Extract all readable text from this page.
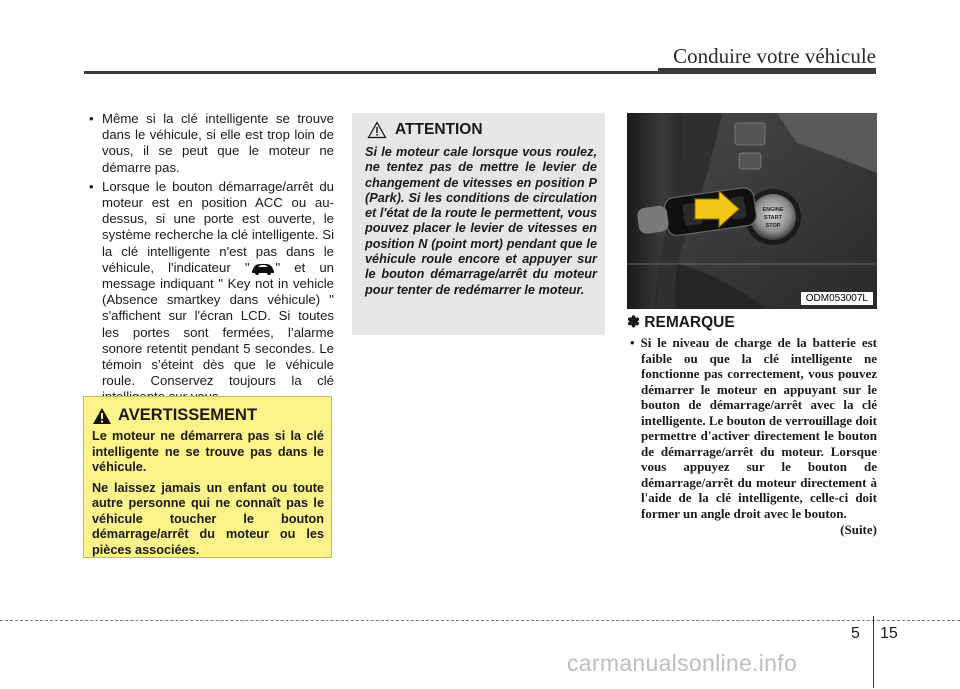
Conduire votre véhicule
• Même si la clé intelligente se trouve dans le véhicule, si elle est trop loin de vous, il se peut que le moteur ne démarre pas.
• Lorsque le bouton démarrage/arrêt du moteur est en position ACC ou au-dessus, si une porte est ouverte, le système recherche la clé intelligente. Si la clé intelligente n'est pas dans le véhicule, l'indicateur " " et un message indiquant " Key not in vehicle (Absence smartkey dans véhicule) " s'affichent sur l'écran LCD. Si toutes les portes sont fermées, l’alarme sonore retentit pendant 5 secondes. Le témoin s’éteint dès que le véhicule roule. Conservez toujours la clé
AVERTISSEMENT

Le moteur ne démarrera pas si la clé intelligente ne se trouve pas dans le véhicule.

Ne laissez jamais un enfant ou toute autre personne qui ne connaît pas le véhicule toucher le bouton démarrage/arrêt du moteur ou les pièces associées.

ATTENTION

Si le moteur cale lorsque vous roulez, ne tentez pas de mettre le levier de changement de vitesses en position P (Park). Si les conditions de circulation et l'état de la route le permettent, vous pouvez placer le levier de vitesses en position N (point mort) pendant que le véhicule roule encore et appuyer sur le bouton démarrage/arrêt du moteur pour tenter de redémarrer le moteur.

ENGINE
START
STOP
ODM053007L
✽ REMARQUE
• Si le niveau de charge de la batterie est faible ou que la clé intelligente ne fonctionne pas correctement, vous pouvez démarrer le moteur en appuyant sur le bouton de démarrage/arrêt avec la clé intelligente. Le bouton de verrouillage doit permettre d'activer directement le bouton de démarrage/arrêt du moteur. Lorsque vous appuyez sur le bouton de démarrage/arrêt du moteur directement à l'aide de la clé intelligente, celle-ci doit former un angle droit avec le bouton.
(Suite)
5 15
carmanualsonline.info
